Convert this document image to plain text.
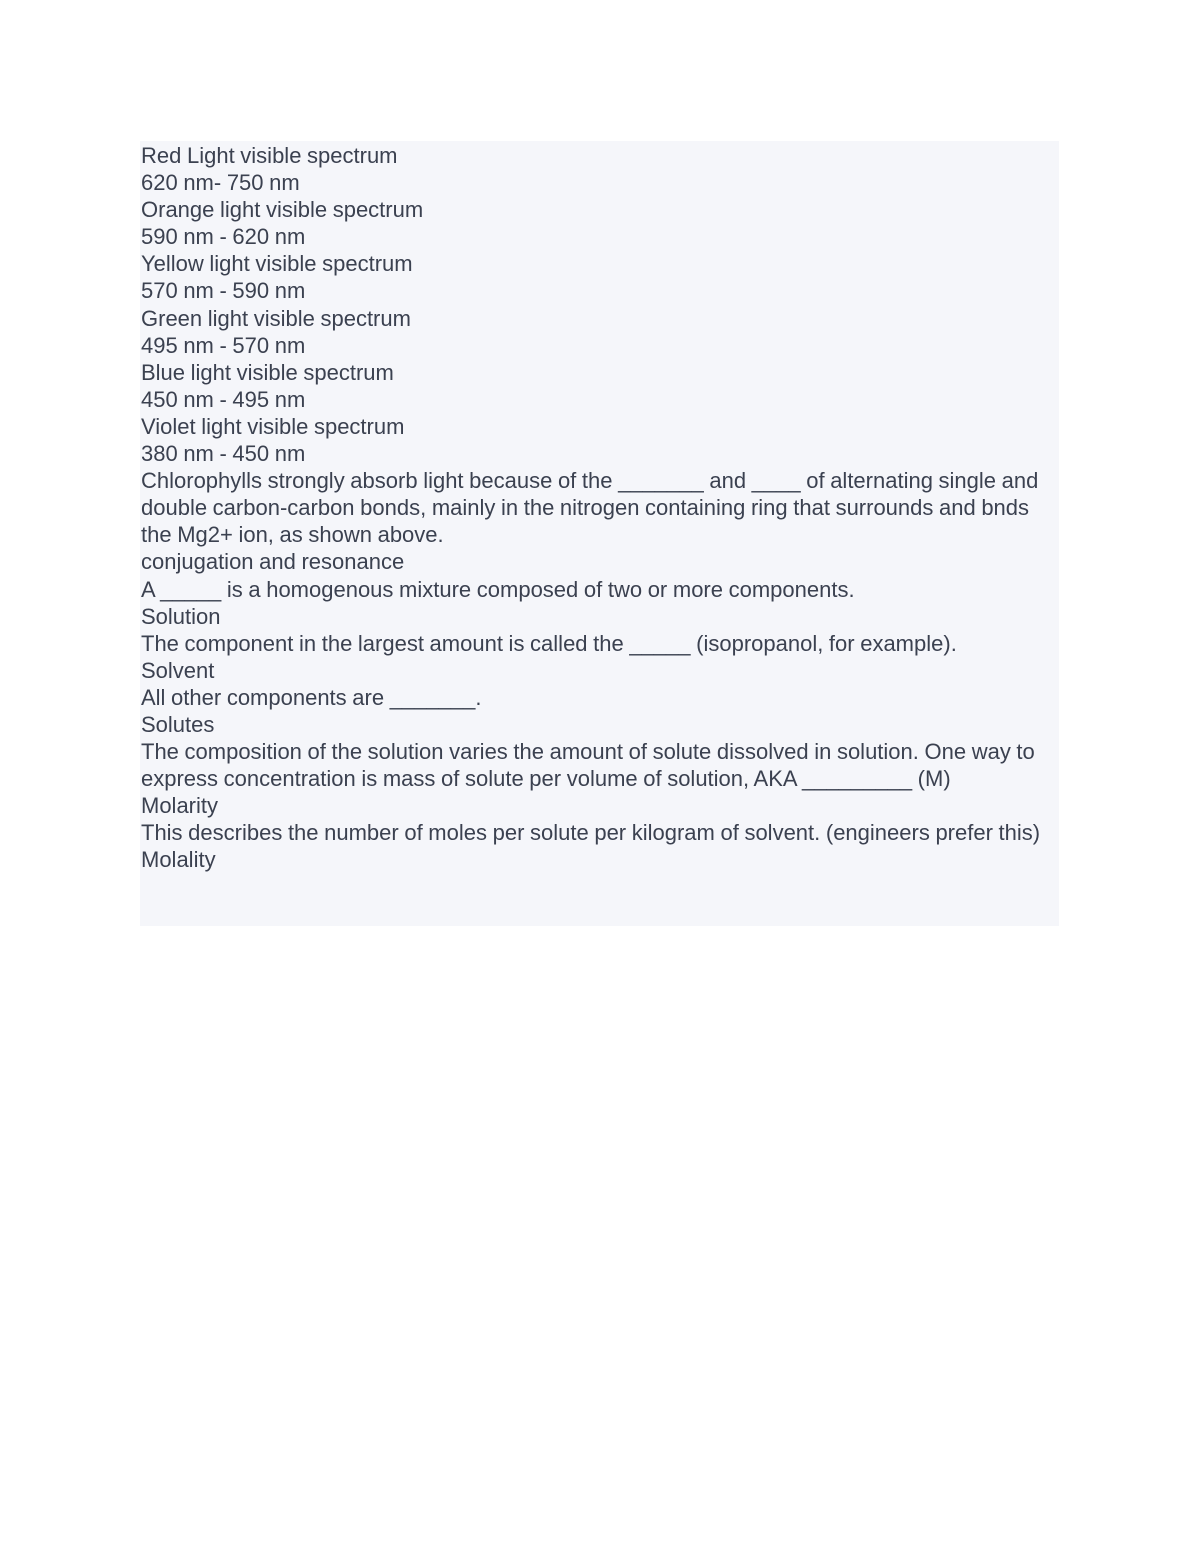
Red Light visible spectrum

620 nm- 750 nm

Orange light visible spectrum

590 nm - 620 nm

Yellow light visible spectrum

570 nm - 590 nm

Green light visible spectrum

495 nm - 570 nm

Blue light visible spectrum

450 nm - 495 nm

Violet light visible spectrum

380 nm - 450 nm

Chlorophylls strongly absorb light because of the _______ and ____ of alternating single and double carbon-carbon bonds, mainly in the nitrogen containing ring that surrounds and bnds the Mg2+ ion, as shown above.

conjugation and resonance

A _____ is a homogenous mixture composed of two or more components.

Solution

The component in the largest amount is called the _____ (isopropanol, for example).

Solvent

All other components are _______.

Solutes

The composition of the solution varies the amount of solute dissolved in solution. One way to express concentration is mass of solute per volume of solution, AKA _________ (M)

Molarity

This describes the number of moles per solute per kilogram of solvent. (engineers prefer this)

Molality
